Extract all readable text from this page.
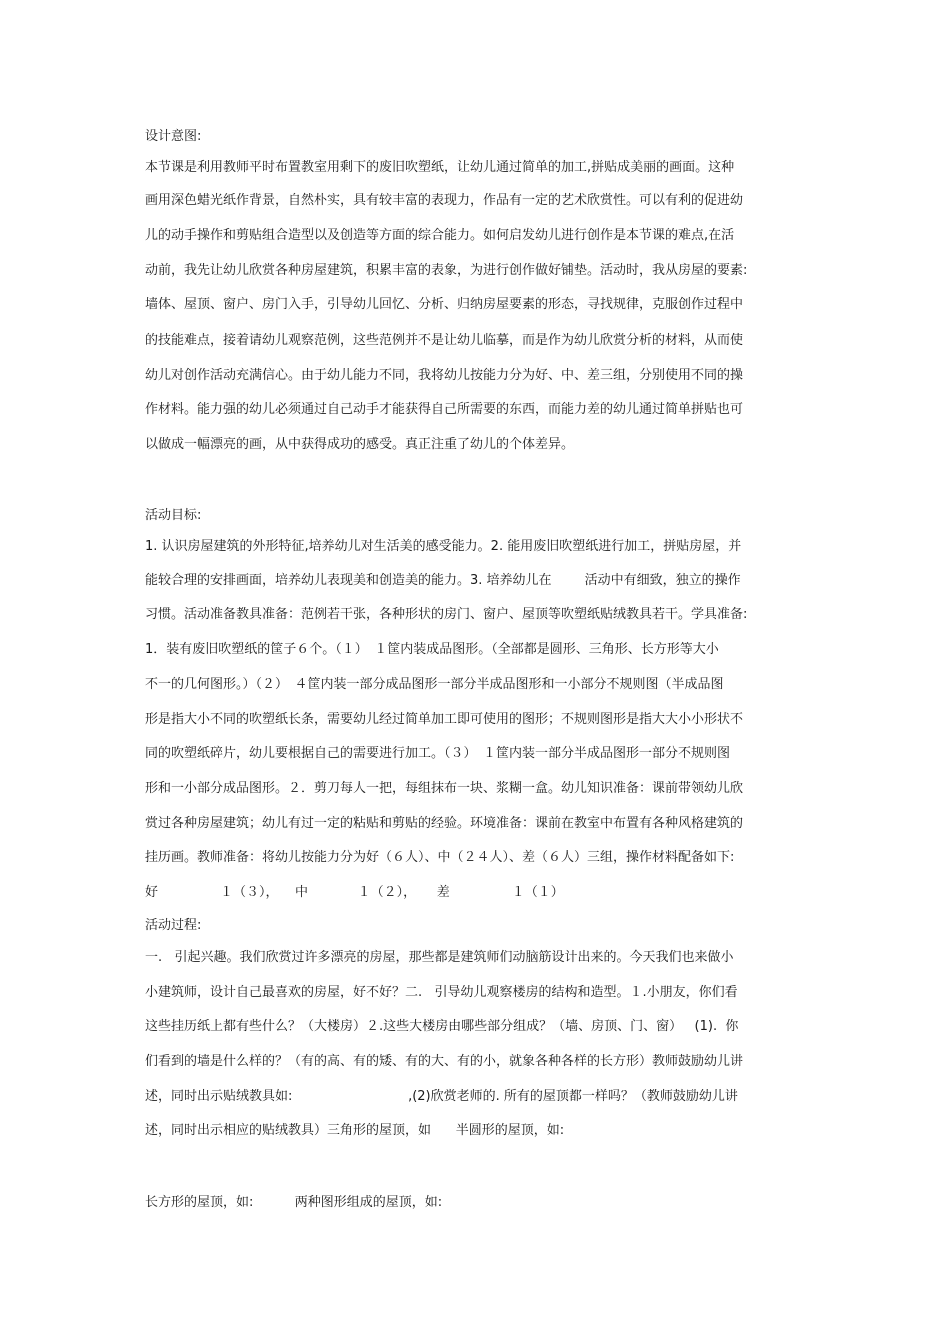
设计意图:
本节课是利用教师平时布置教室用剩下的废旧吹塑纸，让幼儿通过简单的加工,拼贴成美丽的画面。这种
画用深色蜡光纸作背景，自然朴实，具有较丰富的表现力，作品有一定的艺术欣赏性。可以有利的促进幼
儿的动手操作和剪贴组合造型以及创造等方面的综合能力。如何启发幼儿进行创作是本节课的难点,在活
动前，我先让幼儿欣赏各种房屋建筑，积累丰富的表象，为进行创作做好铺垫。活动时，我从房屋的要素:
墙体、屋顶、窗户、房门入手，引导幼儿回忆、分析、归纳房屋要素的形态，寻找规律，克服创作过程中
的技能难点，接着请幼儿观察范例，这些范例并不是让幼儿临摹，而是作为幼儿欣赏分析的材料，从而使
幼儿对创作活动充满信心。由于幼儿能力不同，我将幼儿按能力分为好、中、差三组，分别使用不同的操
作材料。能力强的幼儿必须通过自己动手才能获得自己所需要的东西，而能力差的幼儿通过简单拼贴也可
以做成一幅漂亮的画，从中获得成功的感受。真正注重了幼儿的个体差异。
活动目标:
1. 认识房屋建筑的外形特征,培养幼儿对生活美的感受能力。2. 能用废旧吹塑纸进行加工，拼贴房屋，并
能较合理的安排画面，培养幼儿表现美和创造美的能力。3. 培养幼儿在        活动中有细致，独立的操作
习惯。活动准备教具准备：范例若干张，各种形状的房门、窗户、屋顶等吹塑纸贴绒教具若干。学具准备:
1．装有废旧吹塑纸的筐子６个。（１）　１筐内装成品图形。（全部都是圆形、三角形、长方形等大小
不一的几何图形。）（２）　４筐内装一部分成品图形一部分半成品图形和一小部分不规则图（半成品图
形是指大小不同的吹塑纸长条，需要幼儿经过简单加工即可使用的图形；不规则图形是指大大小小形状不
同的吹塑纸碎片，幼儿要根据自己的需要进行加工。（３）　１筐内装一部分半成品图形一部分不规则图
形和一小部分成品图形。２．剪刀每人一把，每组抹布一块、浆糊一盒。幼儿知识准备：课前带领幼儿欣
赏过各种房屋建筑；幼儿有过一定的粘贴和剪贴的经验。环境准备：课前在教室中布置有各种风格建筑的
挂历画。教师准备：将幼儿按能力分为好（６人）、中（２４人）、差（６人）三组，操作材料配备如下:
好               １（３），    中            １（２），     差               １（１）
活动过程:
一.   引起兴趣。我们欣赏过许多漂亮的房屋，那些都是建筑师们动脑筋设计出来的。今天我们也来做小
小建筑师，设计自己最喜欢的房屋，好不好？二.   引导幼儿观察楼房的结构和造型。１.小朋友，你们看
这些挂历纸上都有些什么？（大楼房）２.这些大楼房由哪些部分组成？（墙、房顶、门、窗）   (1).  你
们看到的墙是什么样的？（有的高、有的矮、有的大、有的小，就象各种各样的长方形）教师鼓励幼儿讲
述，同时出示贴绒教具如:                            ,(2)欣赏老师的. 所有的屋顶都一样吗？（教师鼓励幼儿讲
述，同时出示相应的贴绒教具）三角形的屋顶，如      半圆形的屋顶，如:
长方形的屋顶，如:          两种图形组成的屋顶，如:
